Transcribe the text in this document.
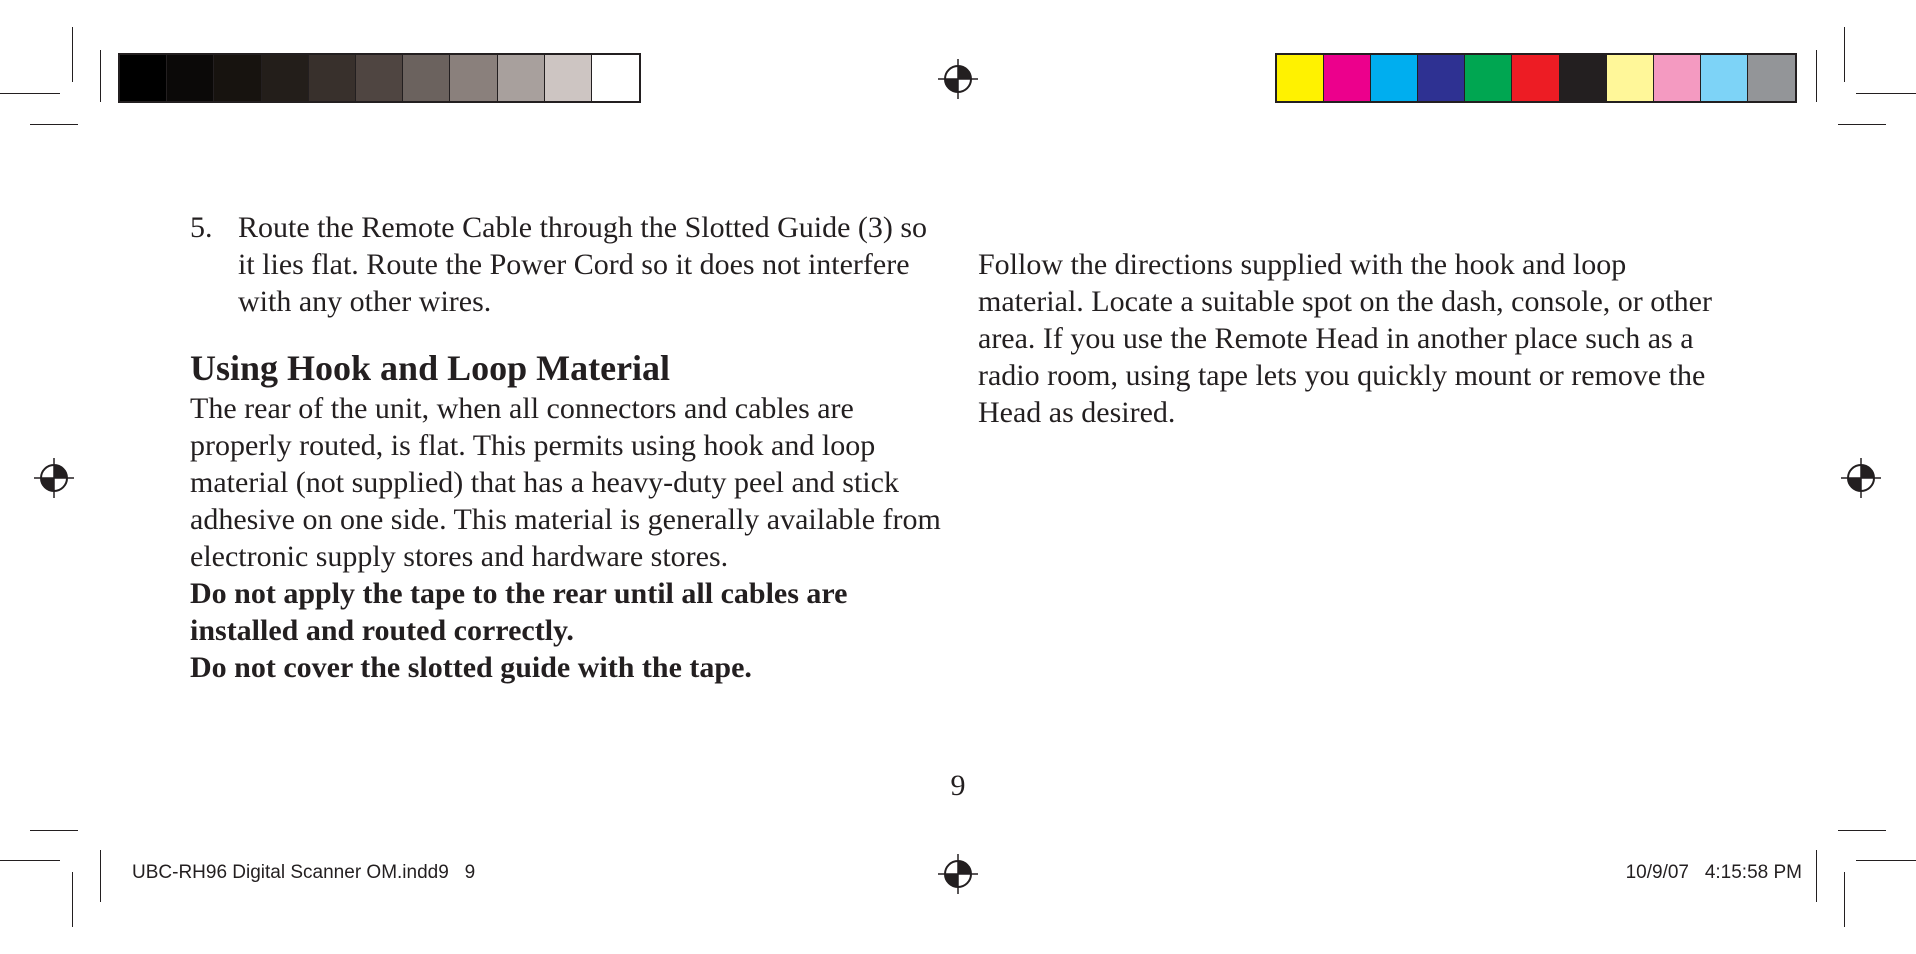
5. Route the Remote Cable through the Slotted Guide (3) so it lies flat. Route the Power Cord so it does not interfere with any other wires.
Using Hook and Loop Material

The rear of the unit, when all connectors and cables are properly routed, is flat. This permits using hook and loop material (not supplied) that has a heavy-duty peel and stick adhesive on one side. This material is generally available from electronic supply stores and hardware stores.

Do not apply the tape to the rear until all cables are installed and routed correctly.

Do not cover the slotted guide with the tape.

Follow the directions supplied with the hook and loop material. Locate a suitable spot on the dash, console, or other area. If you use the Remote Head in another place such as a radio room, using tape lets you quickly mount or remove the Head as desired.

9
UBC-RH96 Digital Scanner OM.indd9   9	10/9/07   4:15:58 PM
